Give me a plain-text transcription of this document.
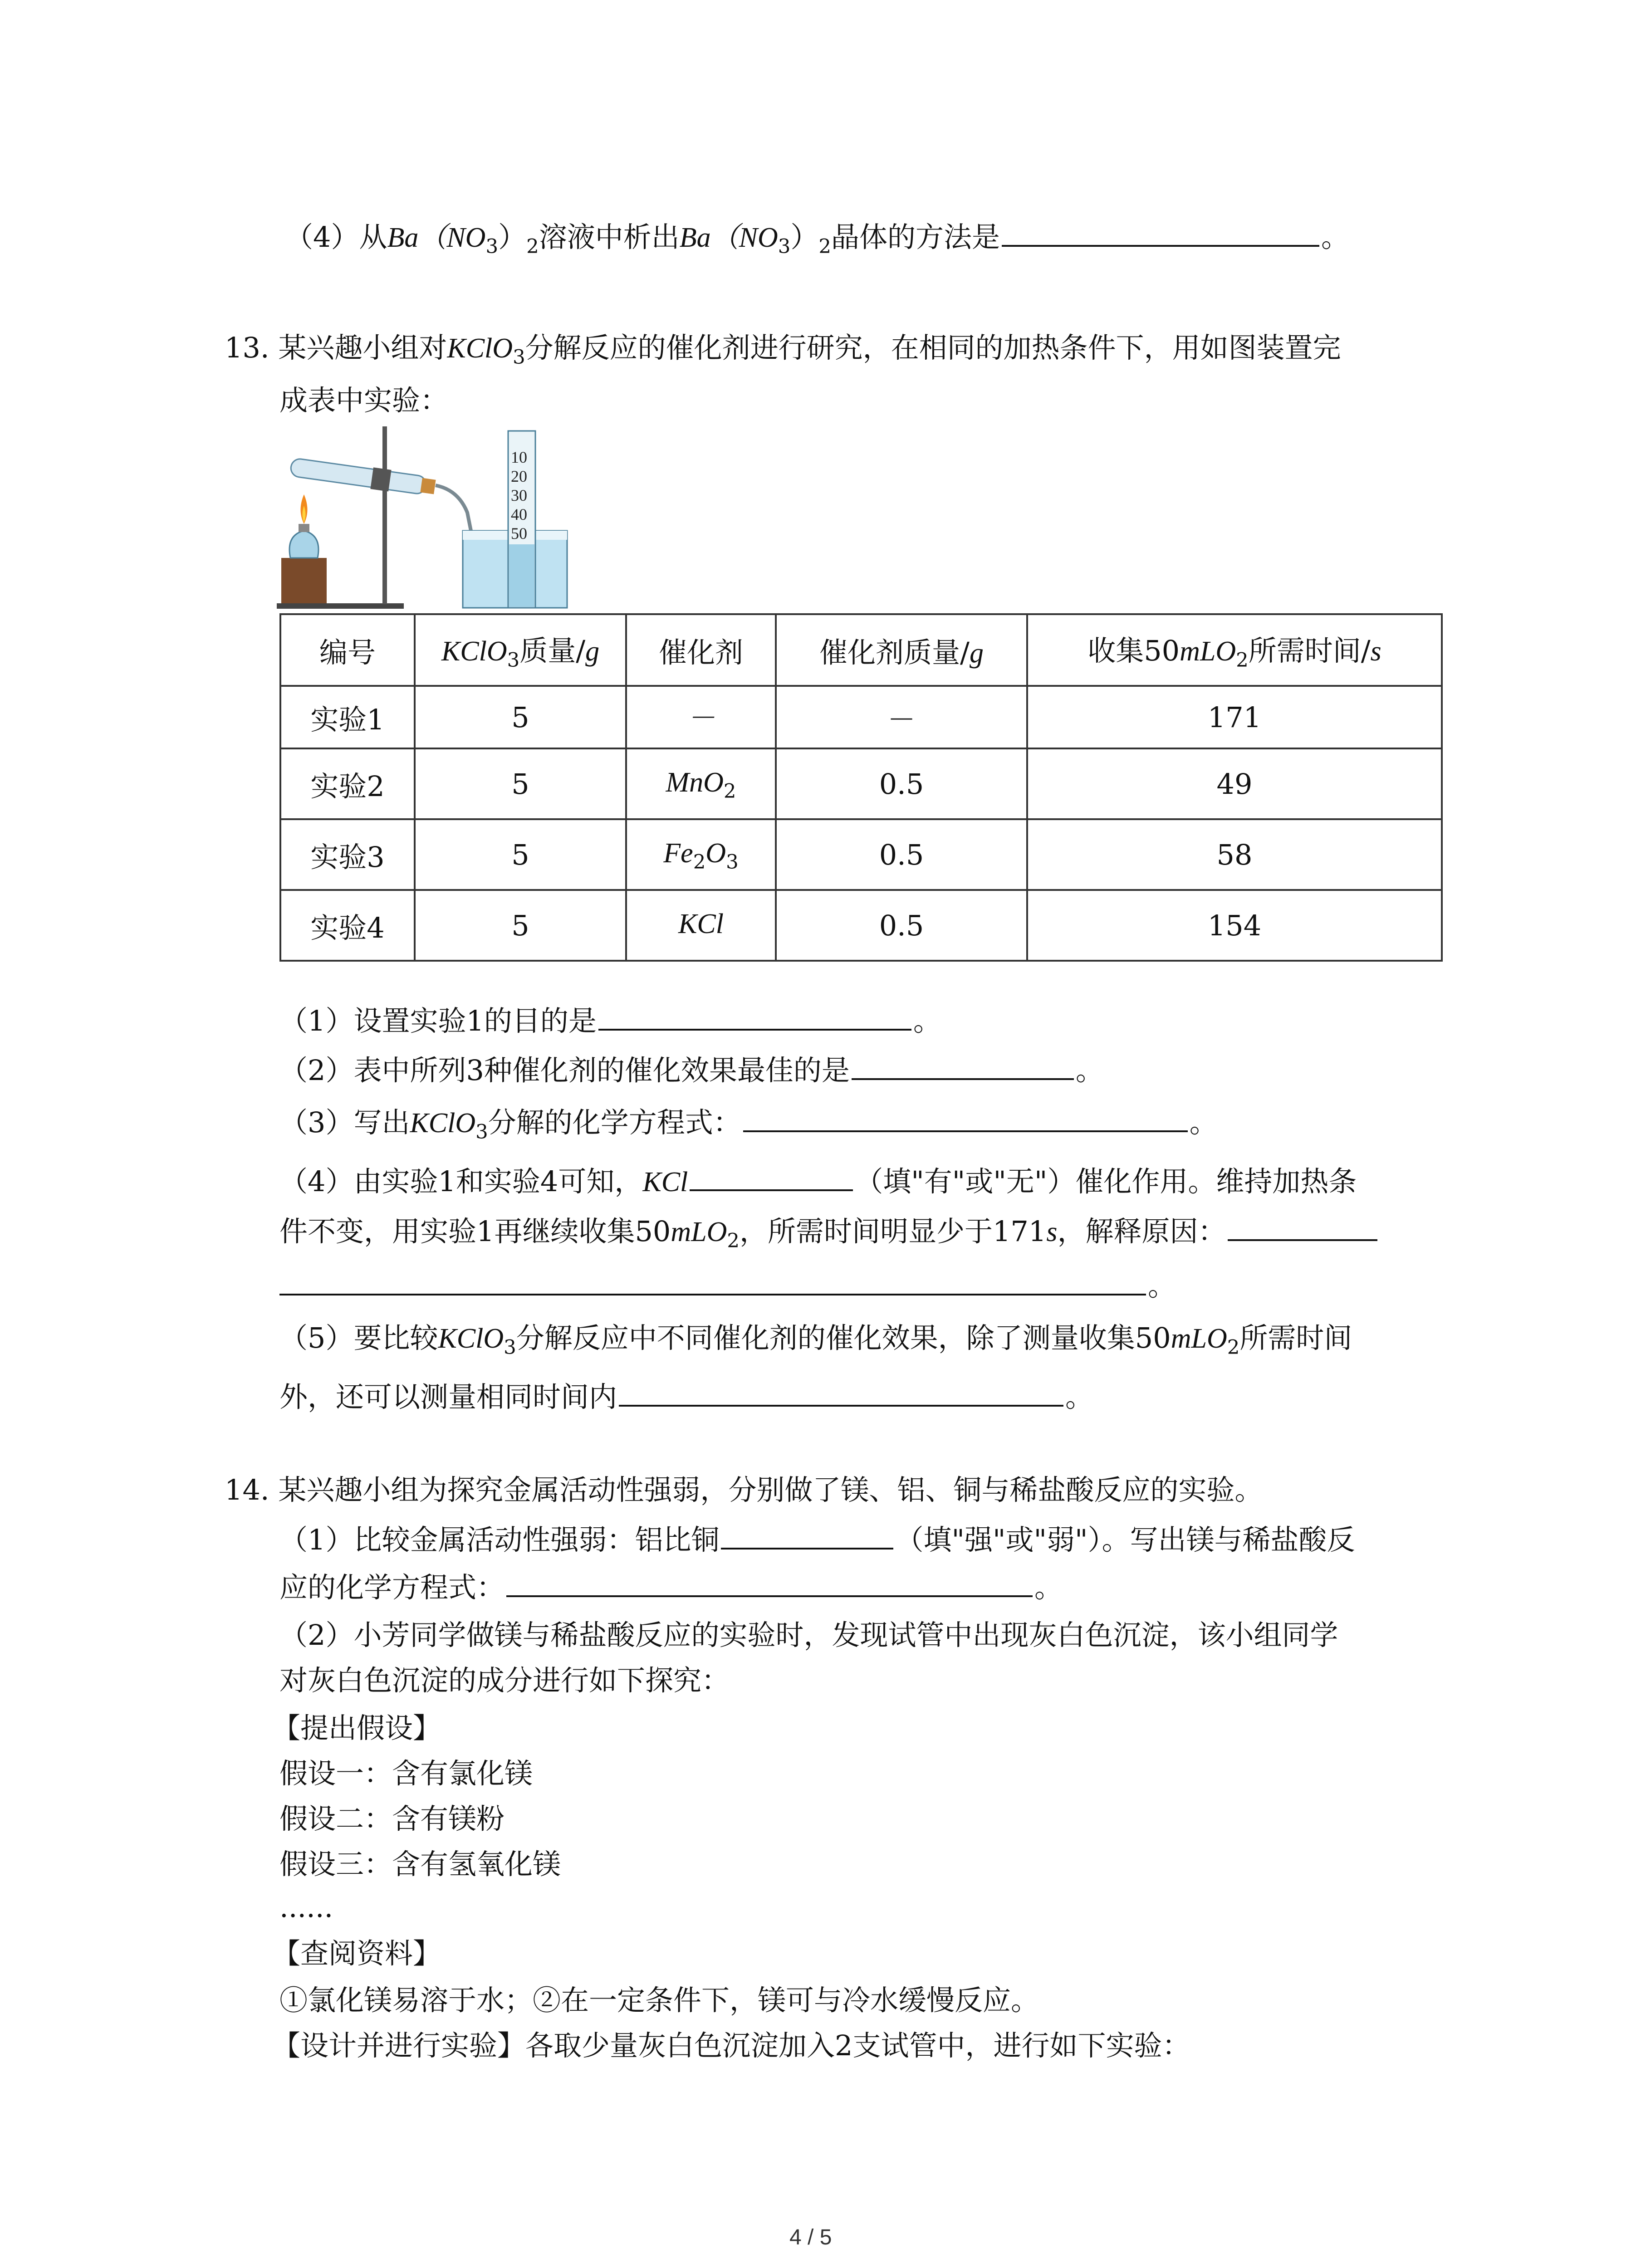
（4）从$Ba(NO_3)_2$溶液中析出$Ba(NO_3)_2$晶体的方法是	。
13. 某兴趣小组对KClO$_3$分解反应的催化剂进行研究，在相同的加热条件下，用如图装置完
成表中实验：
10
20
30
40
50
编号	KClO$_3$质量/g	催化剂	催化剂质量/g	收集50mLO$_2$所需时间/s
实验1	5	－	－	171
实验2	5	MnO$_2$	0.5	49
实验3	5	$Fe_2O_3$	0.5	58
实验4	5	KCl	0.5	154
（1）设置实验1的目的是	。
（2）表中所列3种催化剂的催化效果最佳的是	。
（3）写出KClO$_3$分解的化学方程式：	。
（4）由实验1和实验4可知，KCl	（填"有"或"无"）催化作用。维持加热条
件不变，用实验1再继续收集50mLO$_2$，所需时间明显少于171s，解释原因：
。
（5）要比较KClO$_3$分解反应中不同催化剂的催化效果，除了测量收集50mLO$_2$所需时间
外，还可以测量相同时间内	。
14. 某兴趣小组为探究金属活动性强弱，分别做了镁、铝、铜与稀盐酸反应的实验。
（1）比较金属活动性强弱：铝比铜	（填"强"或"弱"）。写出镁与稀盐酸反
应的化学方程式：	。
（2）小芳同学做镁与稀盐酸反应的实验时，发现试管中出现灰白色沉淀，该小组同学
对灰白色沉淀的成分进行如下探究：
【提出假设】
假设一：含有氯化镁
假设二：含有镁粉
假设三：含有氢氧化镁
......
【查阅资料】
①氯化镁易溶于水；②在一定条件下，镁可与冷水缓慢反应。
【设计并进行实验】各取少量灰白色沉淀加入2支试管中，进行如下实验：
4 / 5
